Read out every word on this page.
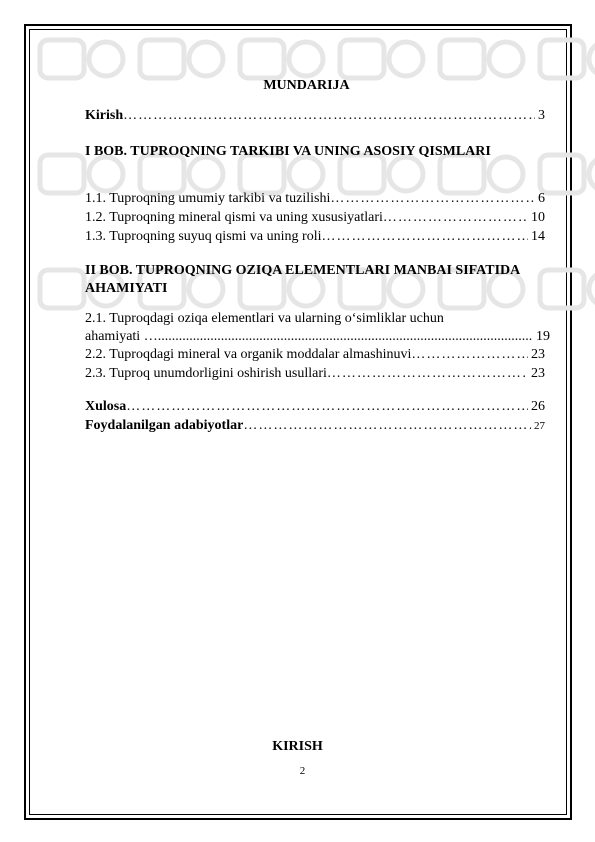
MUNDARIJA
Kirish …………………………………………………………………………………………………………………………	3
I BOB. TUPROQNING TARKIBI VA UNING ASOSIY QISMLARI
1.1. Tuproqning umumiy tarkibi va tuzilishi …………………………………………………………………………………………………………………………	6
1.2. Tuproqning mineral qismi va uning xususiyatlari …………………………………………………………………………………………………………………………	10
1.3. Tuproqning suyuq qismi va uning roli …………………………………………………………………………………………………………………………	14
II BOB. TUPROQNING OZIQA ELEMENTLARI MANBAI SIFATIDA AHAMIYATI
2.1. Tuproqdagi oziqa elementlari va ularning o‘simliklar uchun
ahamiyati … .....	19
2.2. Tuproqdagi mineral va organik moddalar almashinuvi …………………………………………………………………………………………………………………………	23
2.3. Tuproq unumdorligini oshirish usullari …………………………………………………………………………………………………………………………	23
Xulosa …………………………………………………………………………………………………………………………	26
Foydalanilgan adabiyotlar …………………………………………………………………………………………………………………………	27
KIRISH
2
